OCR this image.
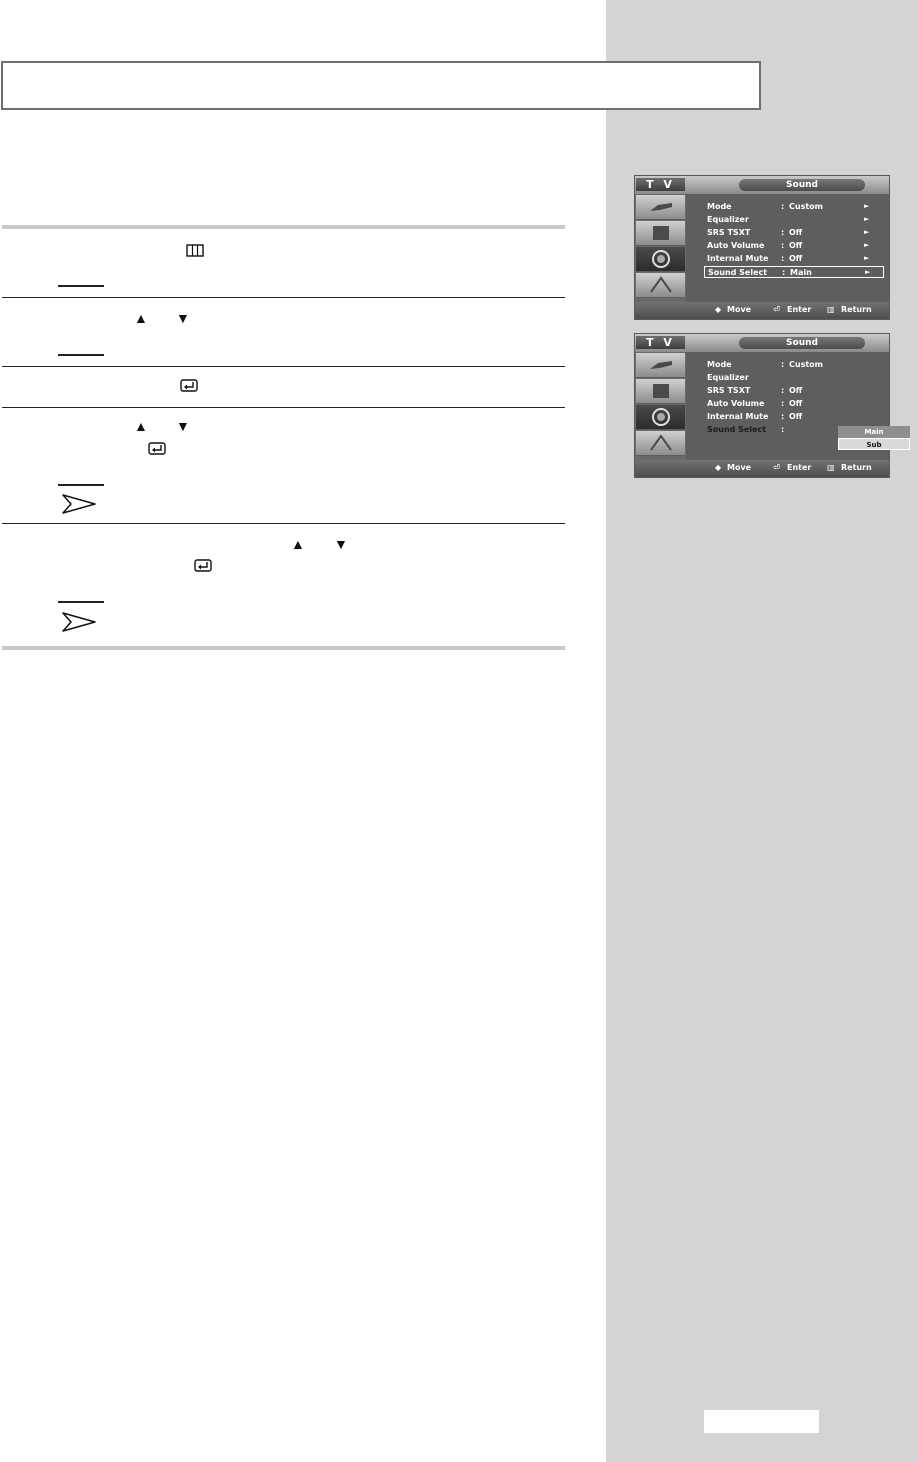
▲ ▼
▲ ▼
▲ ▼
T V	Sound
Mode	: Custom	►
Equalizer	►
SRS TSXT	: Off	►
Auto Volume : Off	►
Internal Mute : Off	►
Sound Select : Main	►
◆ Move	⏎ Enter ▥ Return
T V	Sound
Mode	: Custom
Equalizer
SRS TSXT	: Off
Auto Volume : Off
Internal Mute : Off
Sound Select :	Main
Sub
◆ Move	⏎ Enter ▥ Return
